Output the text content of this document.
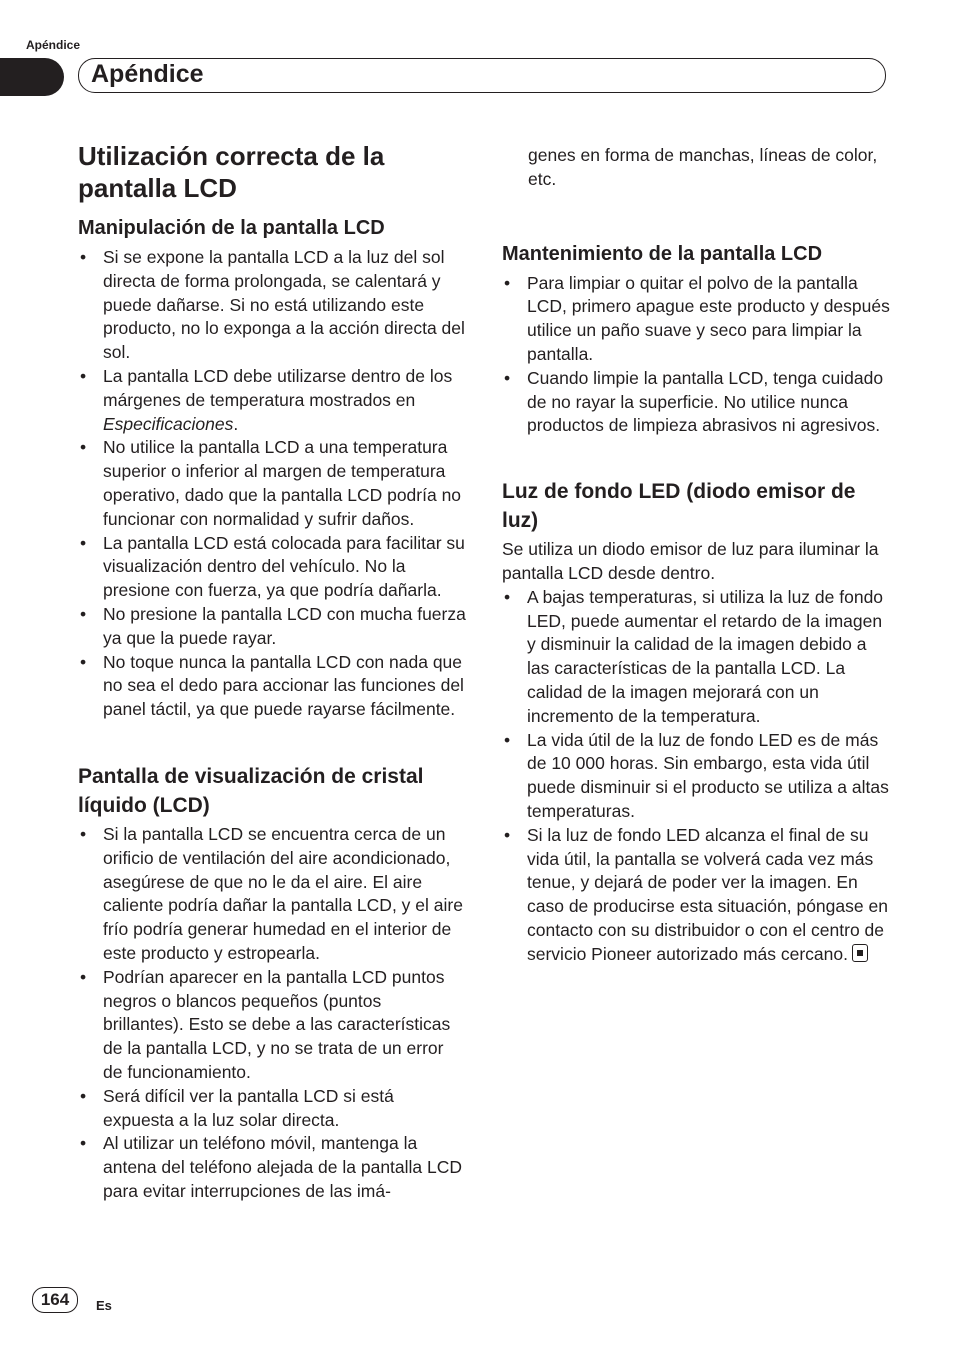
Apéndice
Apéndice
Utilización correcta de la pantalla LCD
Manipulación de la pantalla LCD
• Si se expone la pantalla LCD a la luz del sol directa de forma prolongada, se calentará y puede dañarse. Si no está utilizando este producto, no lo exponga a la acción directa del sol.
• La pantalla LCD debe utilizarse dentro de los márgenes de temperatura mostrados en Especificaciones.
• No utilice la pantalla LCD a una temperatura superior o inferior al margen de temperatura operativo, dado que la pantalla LCD podría no funcionar con normalidad y sufrir daños.
• La pantalla LCD está colocada para facilitar su visualización dentro del vehículo. No la presione con fuerza, ya que podría dañarla.
• No presione la pantalla LCD con mucha fuerza ya que la puede rayar.
• No toque nunca la pantalla LCD con nada que no sea el dedo para accionar las funciones del panel táctil, ya que puede rayarse fácilmente.
Pantalla de visualización de cristal líquido (LCD)
• Si la pantalla LCD se encuentra cerca de un orificio de ventilación del aire acondicionado, asegúrese de que no le da el aire. El aire caliente podría dañar la pantalla LCD, y el aire frío podría generar humedad en el interior de este producto y estropearla.
• Podrían aparecer en la pantalla LCD puntos negros o blancos pequeños (puntos brillantes). Esto se debe a las características de la pantalla LCD, y no se trata de un error de funcionamiento.
• Será difícil ver la pantalla LCD si está expuesta a la luz solar directa.
• Al utilizar un teléfono móvil, mantenga la antena del teléfono alejada de la pantalla LCD para evitar interrupciones de las imá-

genes en forma de manchas, líneas de color, etc.

Mantenimiento de la pantalla LCD
• Para limpiar o quitar el polvo de la pantalla LCD, primero apague este producto y después utilice un paño suave y seco para limpiar la pantalla.
• Cuando limpie la pantalla LCD, tenga cuidado de no rayar la superficie. No utilice nunca productos de limpieza abrasivos ni agresivos.
Luz de fondo LED (diodo emisor de luz)

Se utiliza un diodo emisor de luz para iluminar la pantalla LCD desde dentro.

• A bajas temperaturas, si utiliza la luz de fondo LED, puede aumentar el retardo de la imagen y disminuir la calidad de la imagen debido a las características de la pantalla LCD. La calidad de la imagen mejorará con un incremento de la temperatura.
• La vida útil de la luz de fondo LED es de más de 10 000 horas. Sin embargo, esta vida útil puede disminuir si el producto se utiliza a altas temperaturas.
• Si la luz de fondo LED alcanza el final de su vida útil, la pantalla se volverá cada vez más tenue, y dejará de poder ver la imagen. En caso de producirse esta situación, póngase en contacto con su distribuidor o con el centro de servicio Pioneer autorizado más cercano.
164	Es
